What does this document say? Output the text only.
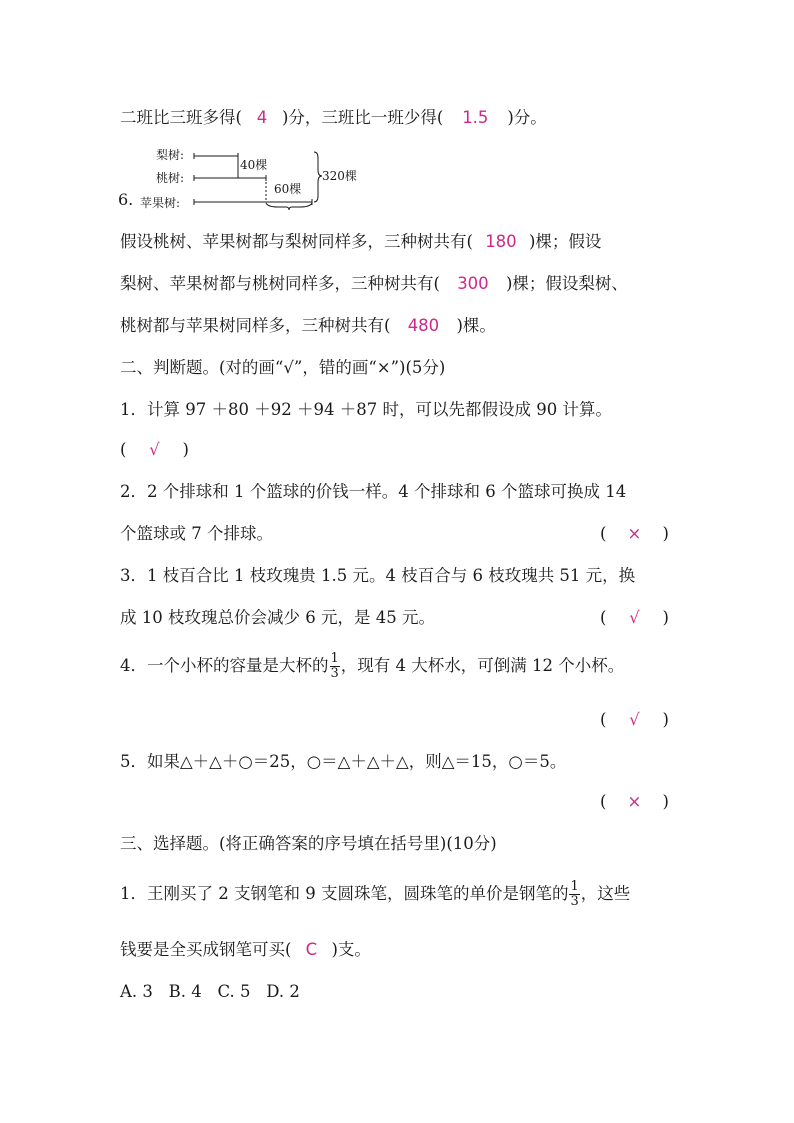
二班比三班多得( 4 )分，三班比一班少得( 1.5 )分。
梨树:
桃树:
6. 苹果树:
40棵
60棵
320棵
假设桃树、苹果树都与梨树同样多，三种树共有( 180 )棵；假设
梨树、苹果树都与桃树同样多，三种树共有( 300 )棵；假设梨树、
桃树都与苹果树同样多，三种树共有( 480 )棵。
二、判断题。(对的画“√”，错的画“×”)(5分)
1．计算 97 ＋80 ＋92 ＋94 ＋87 时，可以先都假设成 90 计算。
( √ )
2．2 个排球和 1 个篮球的价钱一样。4 个排球和 6 个篮球可换成 14
个篮球或 7 个排球。	( × )
3．1 枝百合比 1 枝玫瑰贵 1.5 元。4 枝百合与 6 枝玫瑰共 51 元，换
成 10 枝玫瑰总价会减少 6 元，是 45 元。	( √ )
4．一个小杯的容量是大杯的 $\frac{1}{3}$ ，现有 4 大杯水，可倒满 12 个小杯。
( √ )
5．如果△＋△＋○＝25，○＝△＋△＋△，则△＝15，○＝5。
( × )
三、选择题。(将正确答案的序号填在括号里)(10分)
1．王刚买了 2 支钢笔和 9 支圆珠笔，圆珠笔的单价是钢笔的 $\frac{1}{3}$ ，这些
钱要是全买成钢笔可买( C )支。
A. 3   B. 4   C. 5   D. 2
